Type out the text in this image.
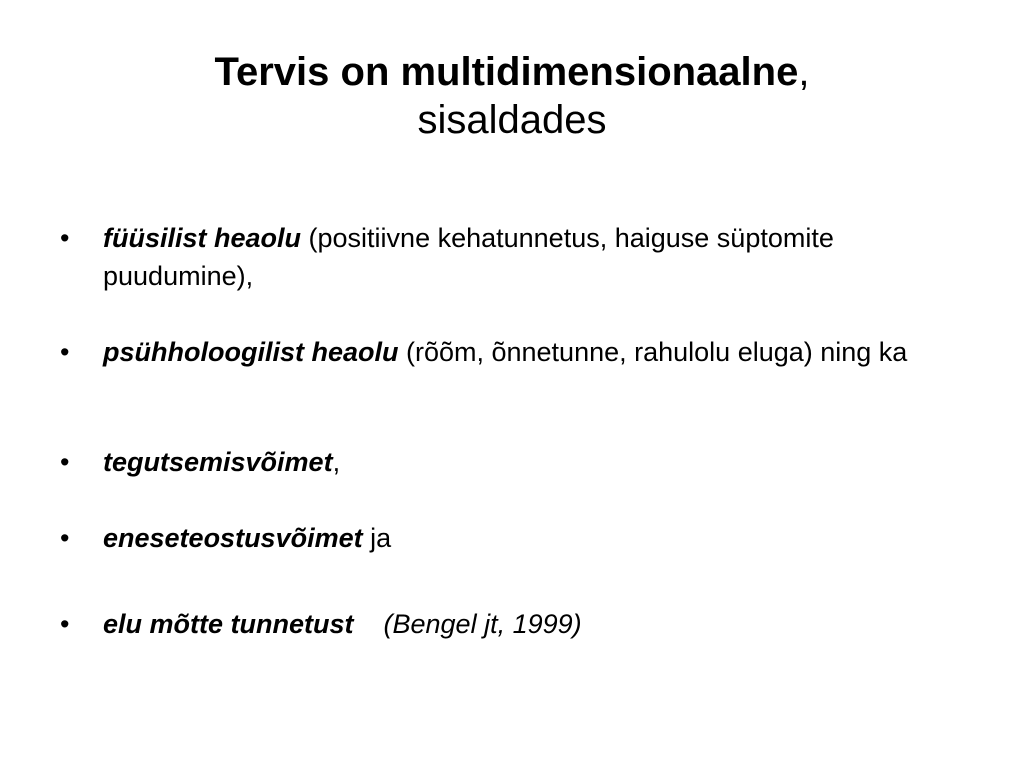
Tervis on multidimensionaalne,
sisaldades
•	füüsilist heaolu (positiivne kehatunnetus, haiguse süptomite puudumine),
•	psühholoogilist heaolu (rõõm, õnnetunne, rahulolu eluga) ning ka
•	tegutsemisvõimet,
•	eneseteostusvõimet ja
•	elu mõtte tunnetust (Bengel jt, 1999)
